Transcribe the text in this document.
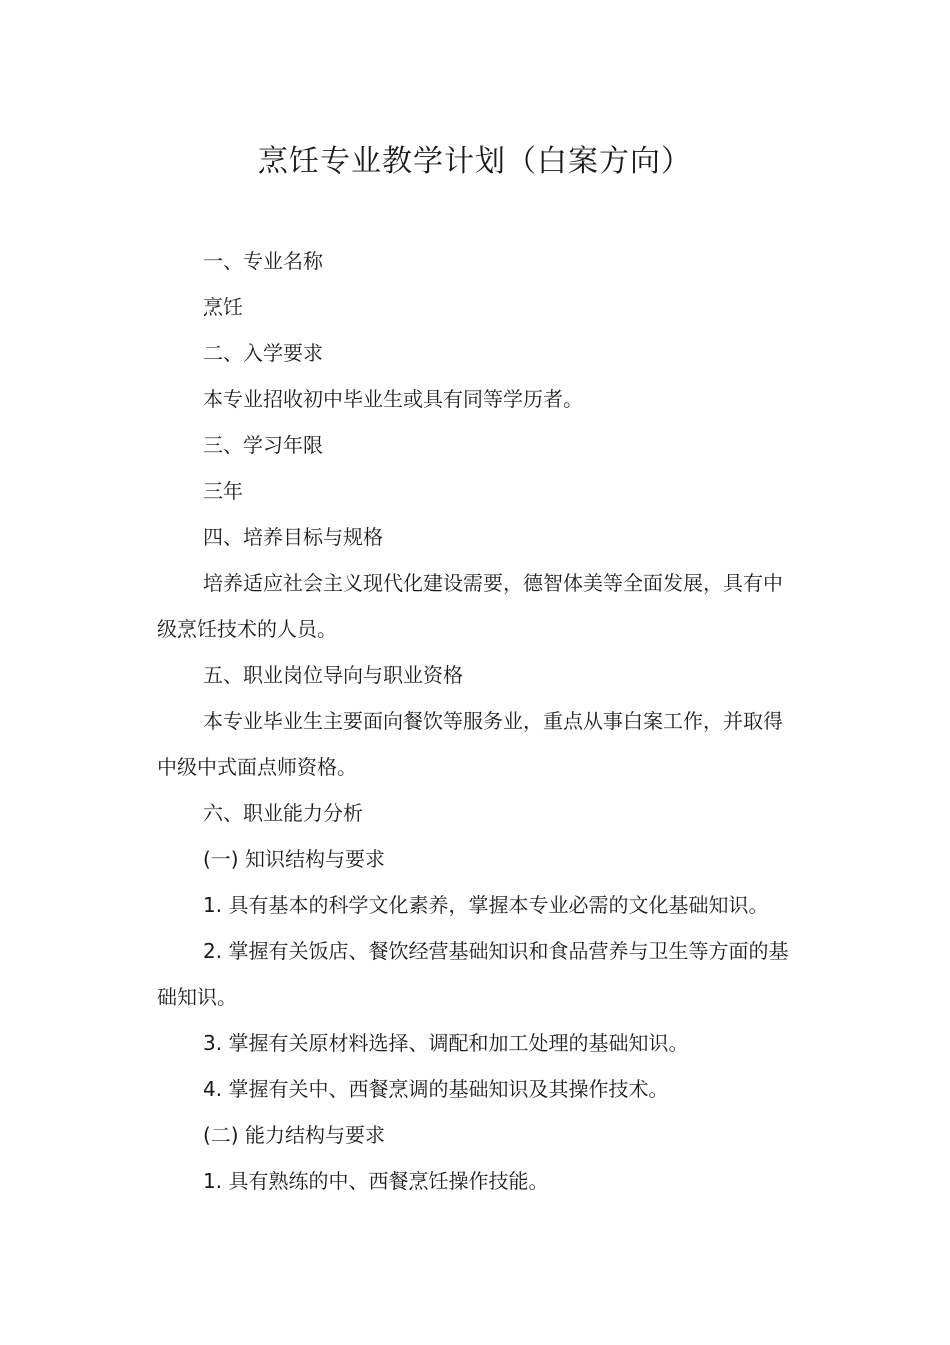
烹饪专业教学计划（白案方向）

一、专业名称

烹饪

二、入学要求

本专业招收初中毕业生或具有同等学历者。

三、学习年限

三年

四、培养目标与规格

培养适应社会主义现代化建设需要，德智体美等全面发展，具有中级烹饪技术的人员。

五、职业岗位导向与职业资格

本专业毕业生主要面向餐饮等服务业，重点从事白案工作，并取得中级中式面点师资格。

六、职业能力分析

(一) 知识结构与要求

1. 具有基本的科学文化素养，掌握本专业必需的文化基础知识。

2. 掌握有关饭店、餐饮经营基础知识和食品营养与卫生等方面的基础知识。

3. 掌握有关原材料选择、调配和加工处理的基础知识。

4. 掌握有关中、西餐烹调的基础知识及其操作技术。

(二) 能力结构与要求

1. 具有熟练的中、西餐烹饪操作技能。
